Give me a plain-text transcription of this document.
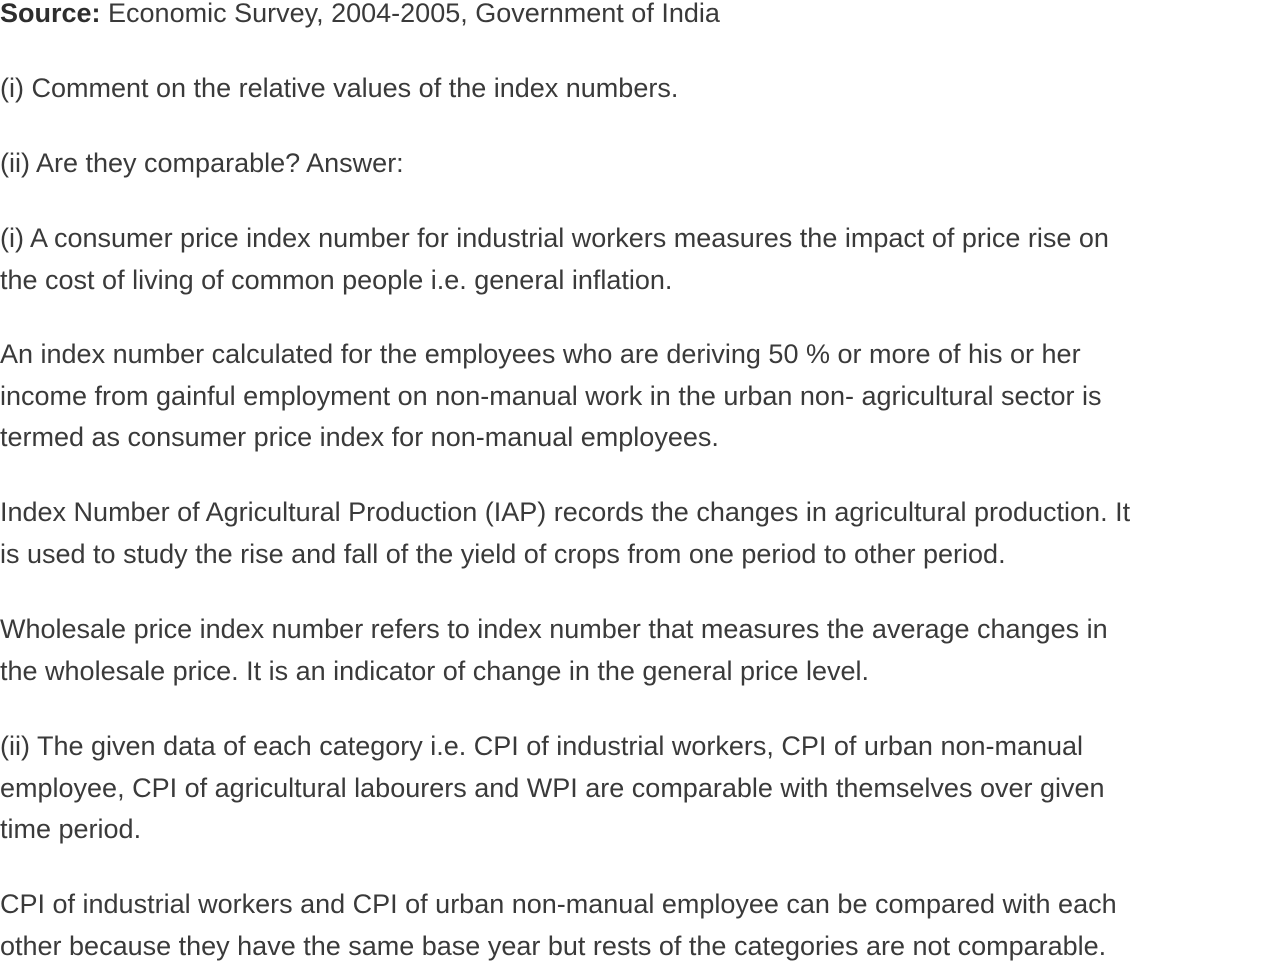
Source: Economic Survey, 2004-2005, Government of India

(i) Comment on the relative values of the index numbers.

(ii) Are they comparable? Answer:

(i) A consumer price index number for industrial workers measures the impact of price rise on
the cost of living of common people i.e. general inflation.
An index number calculated for the employees who are deriving 50 % or more of his or her
income from gainful employment on non-manual work in the urban non- agricultural sector is
termed as consumer price index for non-manual employees.
Index Number of Agricultural Production (IAP) records the changes in agricultural production. It
is used to study the rise and fall of the yield of crops from one period to other period.
Wholesale price index number refers to index number that measures the average changes in
the wholesale price. It is an indicator of change in the general price level.
(ii) The given data of each category i.e. CPI of industrial workers, CPI of urban non-manual
employee, CPI of agricultural labourers and WPI are comparable with themselves over given
time period.
CPI of industrial workers and CPI of urban non-manual employee can be compared with each
other because they have the same base year but rests of the categories are not comparable.
